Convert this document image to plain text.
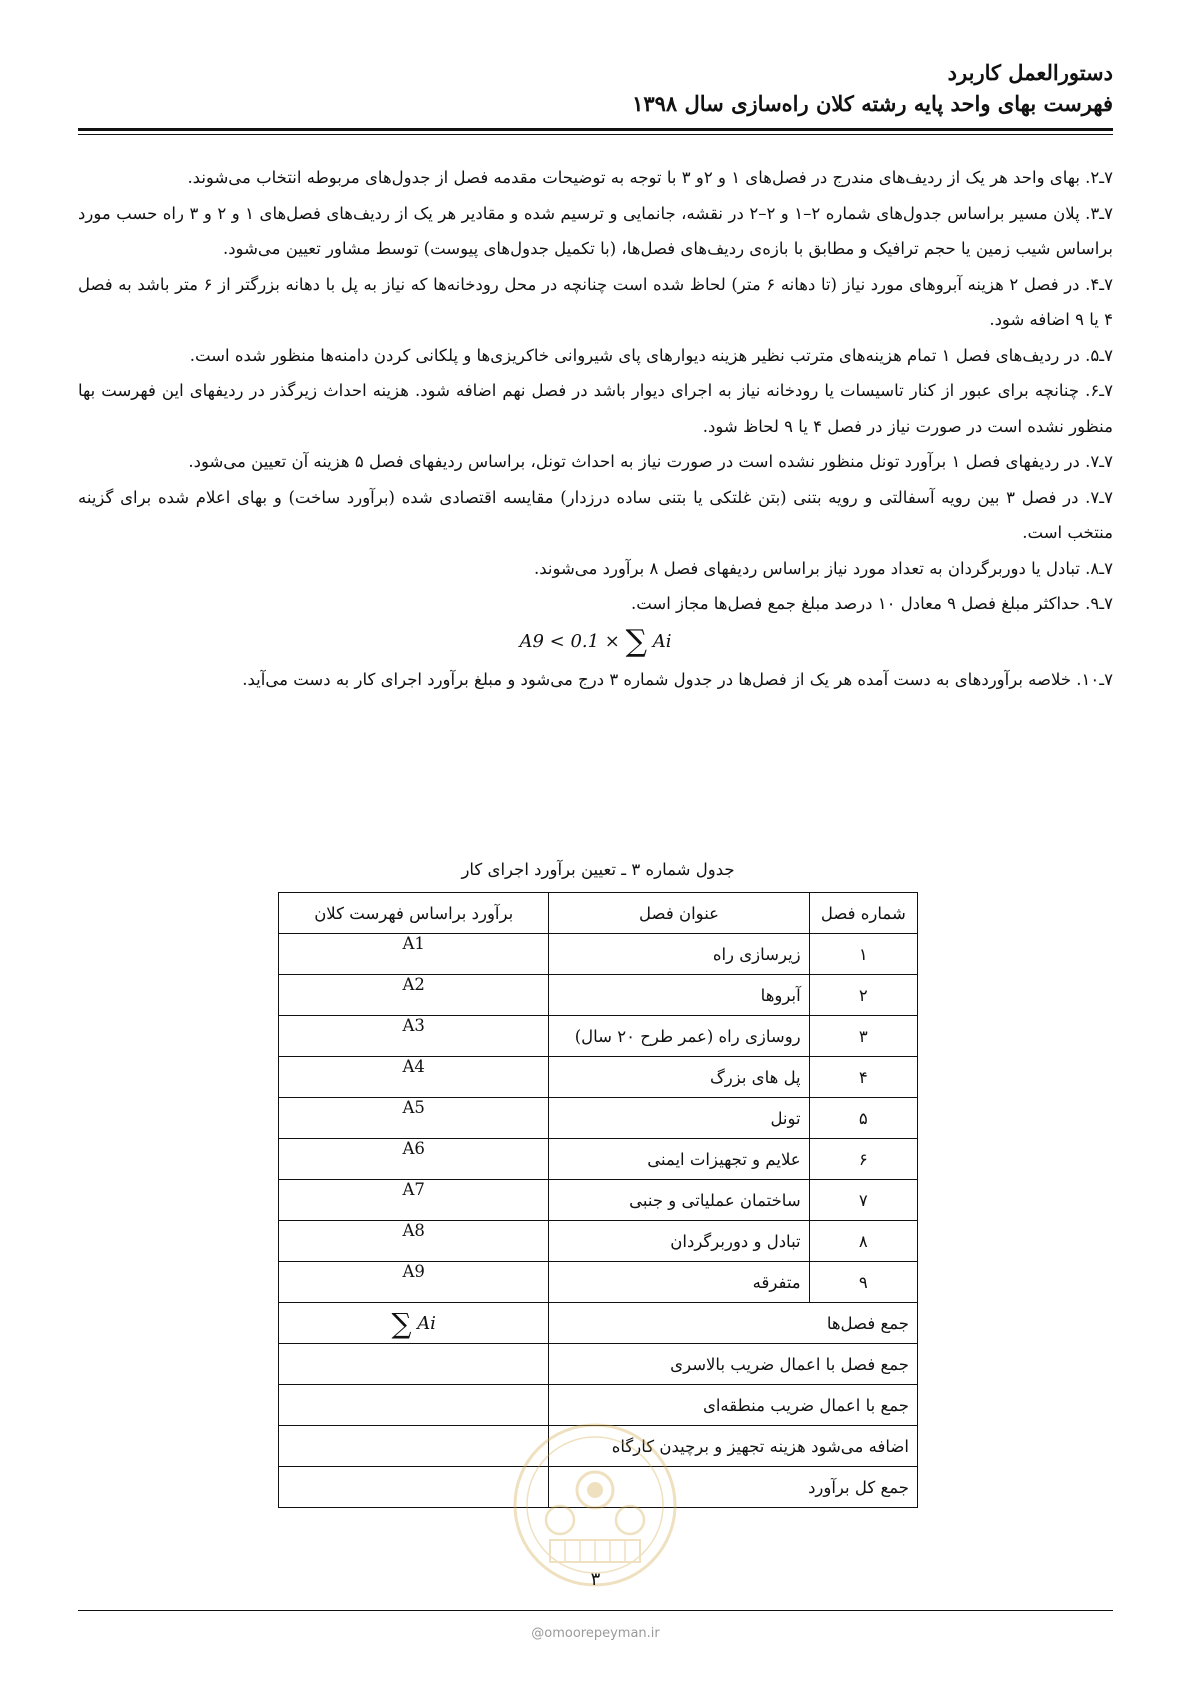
دستورالعمل کاربرد
فهرست بهای واحد پایه رشته کلان راه‌سازی سال ۱۳۹۸

۷ـ۲. بهای واحد هر یک از ردیف‌های مندرج در فصل‌های ۱ و ۲و ۳ با توجه به توضیحات مقدمه فصل از جدول‌های مربوطه انتخاب می‌شوند.

۷ـ۳. پلان مسیر براساس جدول‌های شماره ۲–۱ و ۲–۲ در نقشه، جانمایی و ترسیم شده و مقادیر هر یک از ردیف‌های فصل‌های ۱ و ۲ و ۳ راه حسب مورد براساس شیب زمین یا حجم ترافیک و مطابق با بازه‌ی ردیف‌های فصل‌ها، (با تکمیل جدول‌های پیوست) توسط مشاور تعیین می‌شود.

۷ـ۴. در فصل ۲ هزینه آبروهای مورد نیاز (تا دهانه ۶ متر) لحاظ شده است چنانچه در محل رودخانه‌ها که نیاز به پل با دهانه بزرگتر از ۶ متر باشد به فصل ۴ یا ۹ اضافه شود.

۷ـ۵. در ردیف‌های فصل ۱ تمام هزینه‌های مترتب نظیر هزینه دیوارهای پای شیروانی خاکریزی‌ها و پلکانی کردن دامنه‌ها منظور شده است.

۷ـ۶. چنانچه برای عبور از کنار تاسیسات یا رودخانه نیاز به اجرای دیوار باشد در فصل نهم اضافه شود. هزینه احداث زیرگذر در ردیفهای این فهرست بها منظور نشده است در صورت نیاز در فصل ۴ یا ۹ لحاظ شود.

۷ـ۷. در ردیفهای فصل ۱ برآورد تونل منظور نشده است در صورت نیاز به احداث تونل، براساس ردیفهای فصل ۵ هزینه آن تعیین می‌شود.

۷ـ۷. در فصل ۳ بین رویه آسفالتی و رویه بتنی (بتن غلتکی یا بتنی ساده درزدار) مقایسه اقتصادی شده (برآورد ساخت) و بهای اعلام شده برای گزینه منتخب است.

۷ـ۸. تبادل یا دوربرگردان به تعداد مورد نیاز براساس ردیفهای فصل ۸ برآورد می‌شوند.

۷ـ۹. حداکثر مبلغ فصل ۹ معادل ۱۰ درصد مبلغ جمع فصل‌ها مجاز است.

A9 < 0.1 × ∑ Ai

۷ـ۱۰. خلاصه برآوردهای به دست آمده هر یک از فصل‌ها در جدول شماره ۳ درج می‌شود و مبلغ برآورد اجرای کار به دست می‌آید.

جدول شماره ۳ ـ تعیین برآورد اجرای کار
شماره فصل	عنوان فصل	برآورد براساس فهرست کلان
۱	زیرسازی راه	A1
۲	آبروها	A2
۳	روسازی راه (عمر طرح ۲۰ سال)	A3
۴	پل های بزرگ	A4
۵	تونل	A5
۶	علایم و تجهیزات ایمنی	A6
۷	ساختمان عملیاتی و جنبی	A7
۸	تبادل و دوربرگردان	A8
۹	متفرقه	A9
جمع فصل‌ها		∑ Ai
جمع فصل با اعمال ضریب بالاسری		
جمع با اعمال ضریب منطقه‌ای		
اضافه می‌شود هزینه تجهیز و برچیدن کارگاه		
جمع کل برآورد		
۳
@omoorepeyman.ir
